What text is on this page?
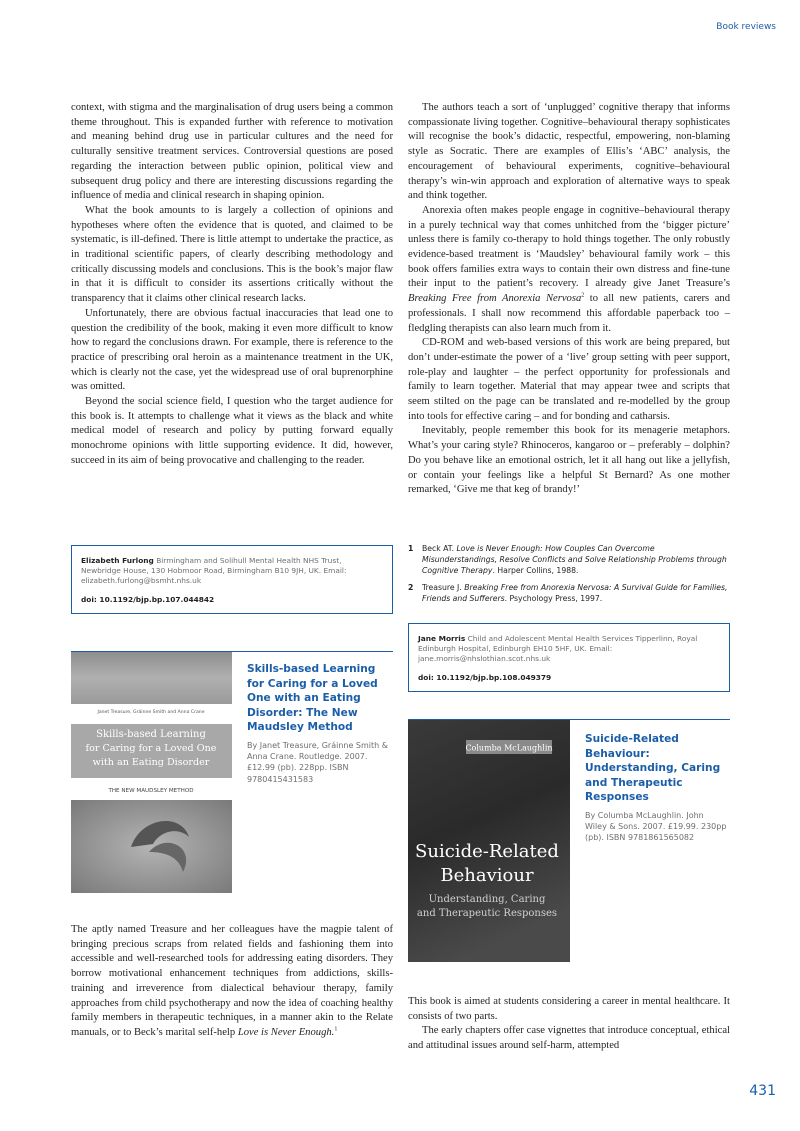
Book reviews

context, with stigma and the marginalisation of drug users being a common theme throughout. This is expanded further with reference to motivation and meaning behind drug use in particular cultures and the need for culturally sensitive treatment services. Controversial questions are posed regarding the interaction between public opinion, political view and subsequent drug policy and there are interesting discussions regarding the influence of media and clinical research in shaping opinion.

What the book amounts to is largely a collection of opinions and hypotheses where often the evidence that is quoted, and claimed to be systematic, is ill-defined. There is little attempt to undertake the practice, as in traditional scientific papers, of clearly describing methodology and critically discussing models and conclusions. This is the book’s major flaw in that it is difficult to consider its assertions critically without the transparency that it claims other clinical research lacks.

Unfortunately, there are obvious factual inaccuracies that lead one to question the credibility of the book, making it even more difficult to know how to regard the conclusions drawn. For example, there is reference to the practice of prescribing oral heroin as a maintenance treatment in the UK, which is clearly not the case, yet the widespread use of oral buprenorphine was omitted.

Beyond the social science field, I question who the target audience for this book is. It attempts to challenge what it views as the black and white medical model of research and policy by putting forward equally monochrome opinions with little supporting evidence. It did, however, succeed in its aim of being provocative and challenging to the reader.

Elizabeth Furlong Birmingham and Solihull Mental Health NHS Trust, Newbridge House, 130 Hobmoor Road, Birmingham B10 9JH, UK. Email: elizabeth.furlong@bsmht.nhs.uk
doi: 10.1192/bjp.bp.107.044842
Janet Treasure, Gráinne Smith and Anna Crane
Skills-based Learning
for Caring for a Loved One
with an Eating Disorder
THE NEW MAUDSLEY METHOD
Skills-based Learning for Caring for a Loved One with an Eating Disorder: The New Maudsley Method
By Janet Treasure, Gráinne Smith & Anna Crane. Routledge. 2007. £12.99 (pb). 228pp. ISBN 9780415431583

The aptly named Treasure and her colleagues have the magpie talent of bringing precious scraps from related fields and fashioning them into accessible and well-researched tools for addressing eating disorders. They borrow motivational enhancement techniques from addictions, skills-training and irreverence from dialectical behaviour therapy, family approaches from child psychotherapy and now the idea of coaching healthy family members in therapeutic techniques, in a manner akin to the Relate manuals, or to Beck’s marital self-help Love is Never Enough.$^1$

The authors teach a sort of ‘unplugged’ cognitive therapy that informs compassionate living together. Cognitive–behavioural therapy sophisticates will recognise the book’s didactic, respectful, empowering, non-blaming style as Socratic. There are examples of Ellis’s ‘ABC’ analysis, the encouragement of behavioural experiments, cognitive–behavioural therapy’s win-win approach and exploration of alternative ways to speak and think together.

Anorexia often makes people engage in cognitive–behavioural therapy in a purely technical way that comes unhitched from the ‘bigger picture’ unless there is family co-therapy to hold things together. The only robustly evidence-based treatment is ‘Maudsley’ behavioural family work – this book offers families extra ways to contain their own distress and fine-tune their input to the patient’s recovery. I already give Janet Treasure’s Breaking Free from Anorexia Nervosa$^2$ to all new patients, carers and professionals. I shall now recommend this affordable paperback too – fledgling therapists can also learn much from it.

CD-ROM and web-based versions of this work are being prepared, but don’t under-estimate the power of a ‘live’ group setting with peer support, role-play and laughter – the perfect opportunity for professionals and family to learn together. Material that may appear twee and scripts that seem stilted on the page can be translated and re-modelled by the group into tools for effective caring – and for bonding and catharsis.

Inevitably, people remember this book for its menagerie metaphors. What’s your caring style? Rhinoceros, kangaroo or – preferably – dolphin? Do you behave like an emotional ostrich, let it all hang out like a jellyfish, or contain your feelings like a helpful St Bernard? As one mother remarked, ‘Give me that keg of brandy!’

1 Beck AT. Love is Never Enough: How Couples Can Overcome Misunderstandings, Resolve Conflicts and Solve Relationship Problems through Cognitive Therapy. Harper Collins, 1988.
2 Treasure J. Breaking Free from Anorexia Nervosa: A Survival Guide for Families, Friends and Sufferers. Psychology Press, 1997.
Jane Morris Child and Adolescent Mental Health Services Tipperlinn, Royal Edinburgh Hospital, Edinburgh EH10 5HF, UK. Email: jane.morris@nhslothian.scot.nhs.uk
doi: 10.1192/bjp.bp.108.049379
Columba McLaughlin
Suicide-Related
Behaviour
Understanding, Caring
and Therapeutic Responses
Suicide-Related Behaviour: Understanding, Caring and Therapeutic Responses
By Columba McLaughlin. John Wiley & Sons. 2007. £19.99. 230pp (pb). ISBN 9781861565082

This book is aimed at students considering a career in mental healthcare. It consists of two parts.

The early chapters offer case vignettes that introduce conceptual, ethical and attitudinal issues around self-harm, attempted

431
